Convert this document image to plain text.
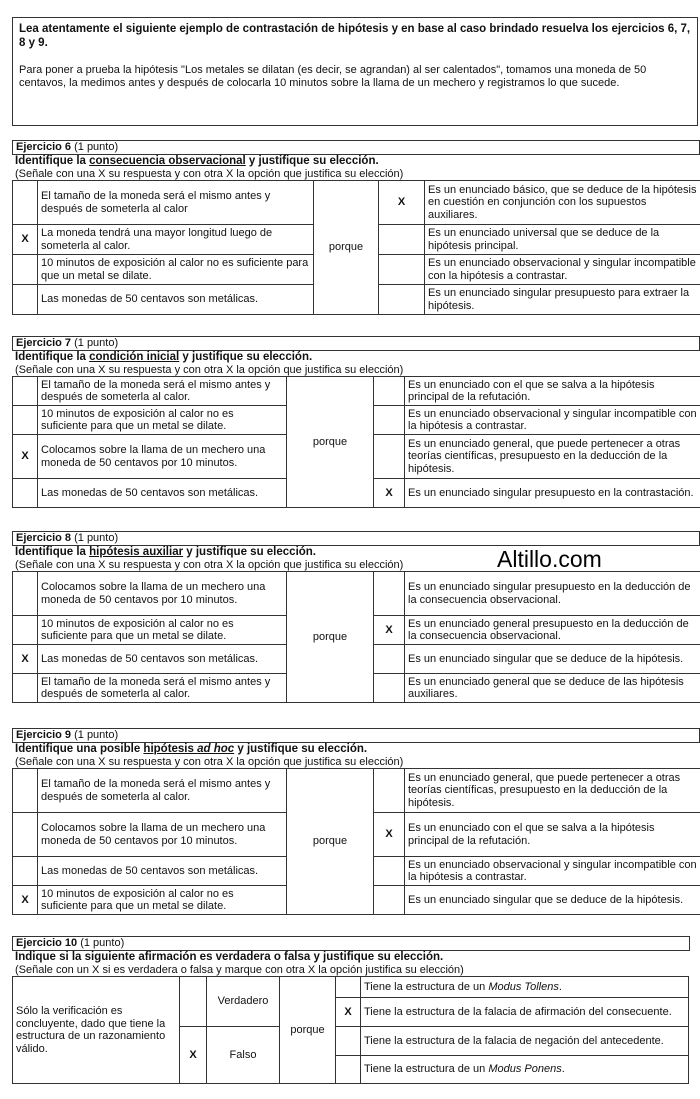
Lea atentamente el siguiente ejemplo de contrastación de hipótesis y en base al caso brindado resuelva los ejercicios 6, 7, 8 y 9.
Para poner a prueba la hipótesis "Los metales se dilatan (es decir, se agrandan) al ser calentados", tomamos una moneda de 50 centavos, la medimos antes y después de colocarla 10 minutos sobre la llama de un mechero y registramos lo que sucede.
Ejercicio 6 (1 punto)
Identifique la consecuencia observacional y justifique su elección.
(Señale con una X su respuesta y con otra X la opción que justifica su elección)
	El tamaño de la moneda será el mismo antes y después de someterla al calor	porque	X	Es un enunciado básico, que se deduce de la hipótesis en cuestión en conjunción con los supuestos auxiliares.
X	La moneda tendrá una mayor longitud luego de someterla al calor.			Es un enunciado universal que se deduce de la hipótesis principal.
	10 minutos de exposición al calor no es suficiente para que un metal se dilate.			Es un enunciado observacional y singular incompatible con la hipótesis a contrastar.
	Las monedas de 50 centavos son metálicas.			Es un enunciado singular presupuesto para extraer la hipótesis.
Ejercicio 7 (1 punto)
Identifique la condición inicial y justifique su elección.
(Señale con una X su respuesta y con otra X la opción que justifica su elección)
	El tamaño de la moneda será el mismo antes y después de someterla al calor.	porque		Es un enunciado con el que se salva a la hipótesis principal de la refutación.
	10 minutos de exposición al calor no es suficiente para que un metal se dilate.			Es un enunciado observacional y singular incompatible con la hipótesis a contrastar.
X	Colocamos sobre la llama de un mechero una moneda de 50 centavos por 10 minutos.			Es un enunciado general, que puede pertenecer a otras teorías científicas, presupuesto en la deducción de la hipótesis.
	Las monedas de 50 centavos son metálicas.		X	Es un enunciado singular presupuesto en la contrastación.
Altillo.com
Ejercicio 8 (1 punto)
Identifique la hipótesis auxiliar y justifique su elección.
(Señale con una X su respuesta y con otra X la opción que justifica su elección)
	Colocamos sobre la llama de un mechero una moneda de 50 centavos por 10 minutos.	porque		Es un enunciado singular presupuesto en la deducción de la consecuencia observacional.
	10 minutos de exposición al calor no es suficiente para que un metal se dilate.		X	Es un enunciado general presupuesto en la deducción de la consecuencia observacional.
X	Las monedas de 50 centavos son metálicas.			Es un enunciado singular que se deduce de la hipótesis.
	El tamaño de la moneda será el mismo antes y después de someterla al calor.			Es un enunciado general que se deduce de las hipótesis auxiliares.
Ejercicio 9 (1 punto)
Identifique una posible hipótesis ad hoc y justifique su elección.
(Señale con una X su respuesta y con otra X la opción que justifica su elección)
	El tamaño de la moneda será el mismo antes y después de someterla al calor.	porque		Es un enunciado general, que puede pertenecer a otras teorías científicas, presupuesto en la deducción de la hipótesis.
	Colocamos sobre la llama de un mechero una moneda de 50 centavos por 10 minutos.		X	Es un enunciado con el que se salva a la hipótesis principal de la refutación.
	Las monedas de 50 centavos son metálicas.			Es un enunciado observacional y singular incompatible con la hipótesis a contrastar.
X	10 minutos de exposición al calor no es suficiente para que un metal se dilate.			Es un enunciado singular que se deduce de la hipótesis.
Ejercicio 10 (1 punto)
Indique si la siguiente afirmación es verdadera o falsa y justifique su elección.
(Señale con un X si es verdadera o falsa y marque con otra X la opción justifica su elección)
Sólo la verificación es concluyente, dado que tiene la estructura de un razonamiento válido.		Verdadero	porque		Tiene la estructura de un Modus Tollens.
				X	Tiene la estructura de la falacia de afirmación del consecuente.
	X	Falso			Tiene la estructura de la falacia de negación del antecedente.
					Tiene la estructura de un Modus Ponens.
